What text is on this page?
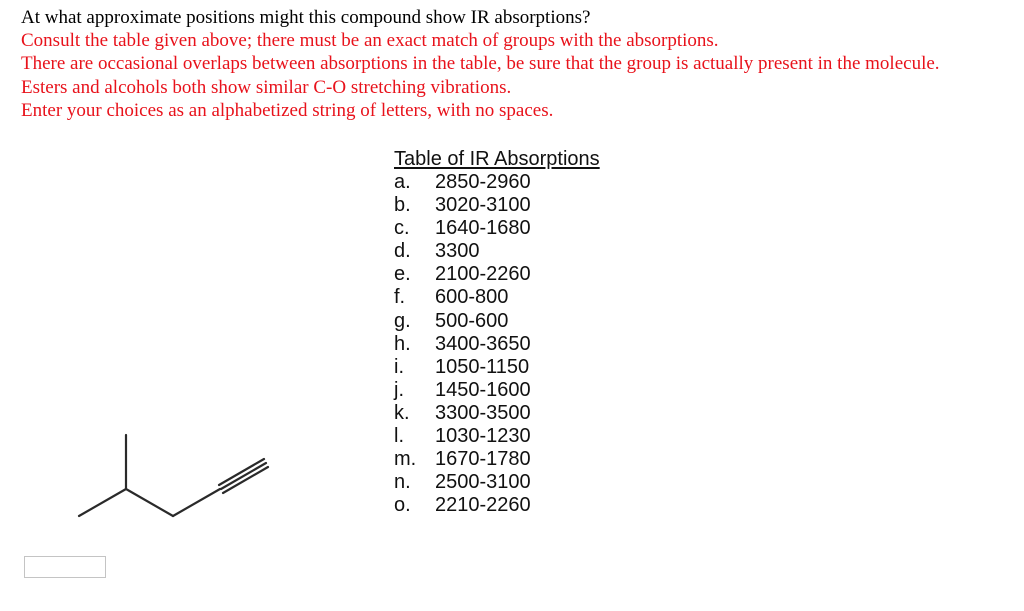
At what approximate positions might this compound show IR absorptions?
Consult the table given above; there must be an exact match of groups with the absorptions.
There are occasional overlaps between absorptions in the table, be sure that the group is actually present in the molecule.
Esters and alcohols both show similar C-O stretching vibrations.
Enter your choices as an alphabetized string of letters, with no spaces.
Table of IR Absorptions
a. 2850-2960
b. 3020-3100
c. 1640-1680
d. 3300
e. 2100-2260
f. 600-800
g. 500-600
h. 3400-3650
i. 1050-1150
j. 1450-1600
k. 3300-3500
l. 1030-1230
m. 1670-1780
n. 2500-3100
o. 2210-2260
